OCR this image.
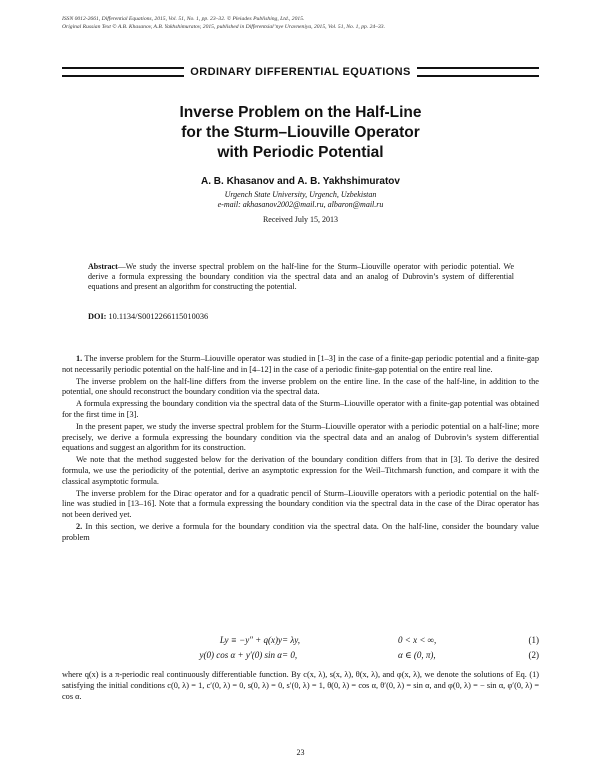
ISSN 0012-2661, Differential Equations, 2015, Vol. 51, No. 1, pp. 23–32. © Pleiades Publishing, Ltd., 2015.
Original Russian Text © A.B. Khasanov, A.B. Yakhshimuratov, 2015, published in Differentsial’nye Uravneniya, 2015, Vol. 51, No. 1, pp. 24–33.
ORDINARY DIFFERENTIAL EQUATIONS
Inverse Problem on the Half-Line
for the Sturm–Liouville Operator
with Periodic Potential
A. B. Khasanov and A. B. Yakhshimuratov
Urgench State University, Urgench, Uzbekistan
e-mail: akhasanov2002@mail.ru, albaron@mail.ru
Received July 15, 2013
Abstract—We study the inverse spectral problem on the half-line for the Sturm–Liouville operator with periodic potential. We derive a formula expressing the boundary condition via the spectral data and an analog of Dubrovin’s system of differential equations and present an algorithm for constructing the potential.
DOI: 10.1134/S0012266115010036

1. The inverse problem for the Sturm–Liouville operator was studied in [1–3] in the case of a finite-gap periodic potential and a finite-gap not necessarily periodic potential on the half-line and in [4–12] in the case of a periodic finite-gap potential on the entire real line.

The inverse problem on the half-line differs from the inverse problem on the entire line. In the case of the half-line, in addition to the potential, one should reconstruct the boundary condition via the spectral data.

A formula expressing the boundary condition via the spectral data of the Sturm–Liouville operator with a finite-gap potential was obtained for the first time in [3].

In the present paper, we study the inverse spectral problem for the Sturm–Liouville operator with a periodic potential on a half-line; more precisely, we derive a formula expressing the boundary condition via the spectral data and an analog of Dubrovin’s system differential equations and suggest an algorithm for its construction.

We note that the method suggested below for the derivation of the boundary condition differs from that in [3]. To derive the desired formula, we use the periodicity of the potential, derive an asymptotic expression for the Weil–Titchmarsh function, and compare it with the classical asymptotic formula.

The inverse problem for the Dirac operator and for a quadratic pencil of Sturm–Liouville operators with a periodic potential on the half-line was studied in [13–16]. Note that a formula expressing the boundary condition via the spectral data in the case of the Dirac operator has not been derived yet.

2. In this section, we derive a formula for the boundary condition via the spectral data. On the half-line, consider the boundary value problem

Ly ≡ −y″ + q(x)y = λy,	0 < x < ∞,	(1)
y(0) cos α + y′(0) sin α = 0,	α ∈ (0, π),	(2)
where q(x) is a π-periodic real continuously differentiable function. By c(x, λ), s(x, λ), θ(x, λ), and φ(x, λ), we denote the solutions of Eq. (1) satisfying the initial conditions c(0, λ) = 1, c′(0, λ) = 0, s(0, λ) = 0, s′(0, λ) = 1, θ(0, λ) = cos α, θ′(0, λ) = sin α, and φ(0, λ) = − sin α, φ′(0, λ) = cos α.
23
